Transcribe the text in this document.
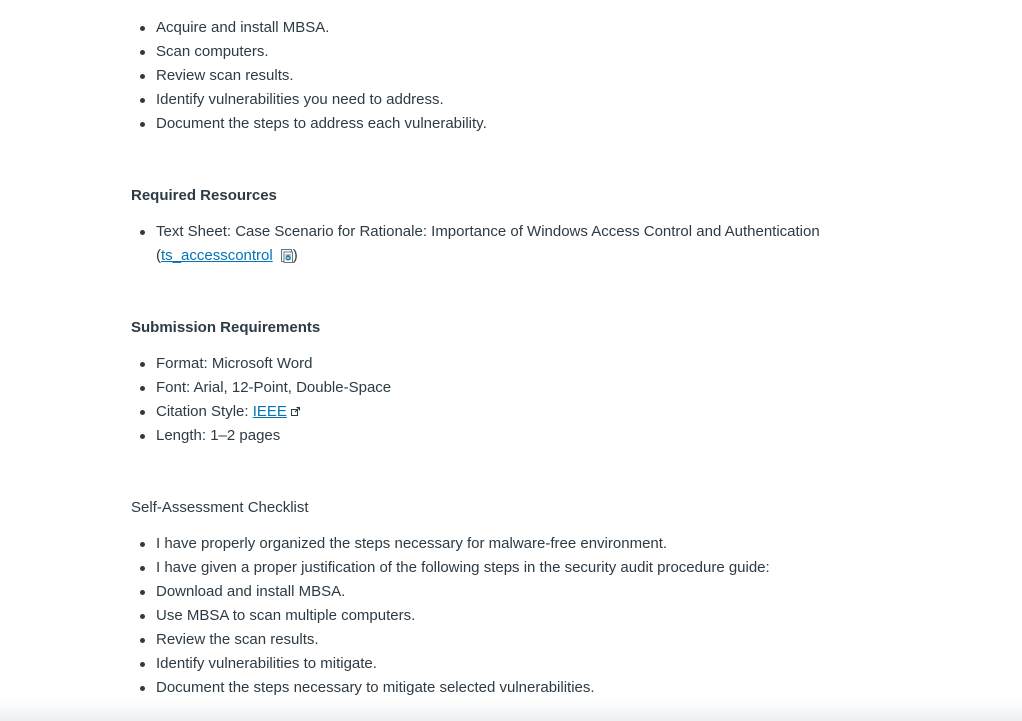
Acquire and install MBSA.
Scan computers.
Review scan results.
Identify vulnerabilities you need to address.
Document the steps to address each vulnerability.
Required Resources
Text Sheet: Case Scenario for Rationale: Importance of Windows Access Control and Authentication
(ts_accesscontrol )
Submission Requirements
Format: Microsoft Word
Font: Arial, 12-Point, Double-Space
Citation Style: IEEE
Length: 1–2 pages

Self-Assessment Checklist

I have properly organized the steps necessary for malware-free environment.
I have given a proper justification of the following steps in the security audit procedure guide:
Download and install MBSA.
Use MBSA to scan multiple computers.
Review the scan results.
Identify vulnerabilities to mitigate.
Document the steps necessary to mitigate selected vulnerabilities.
